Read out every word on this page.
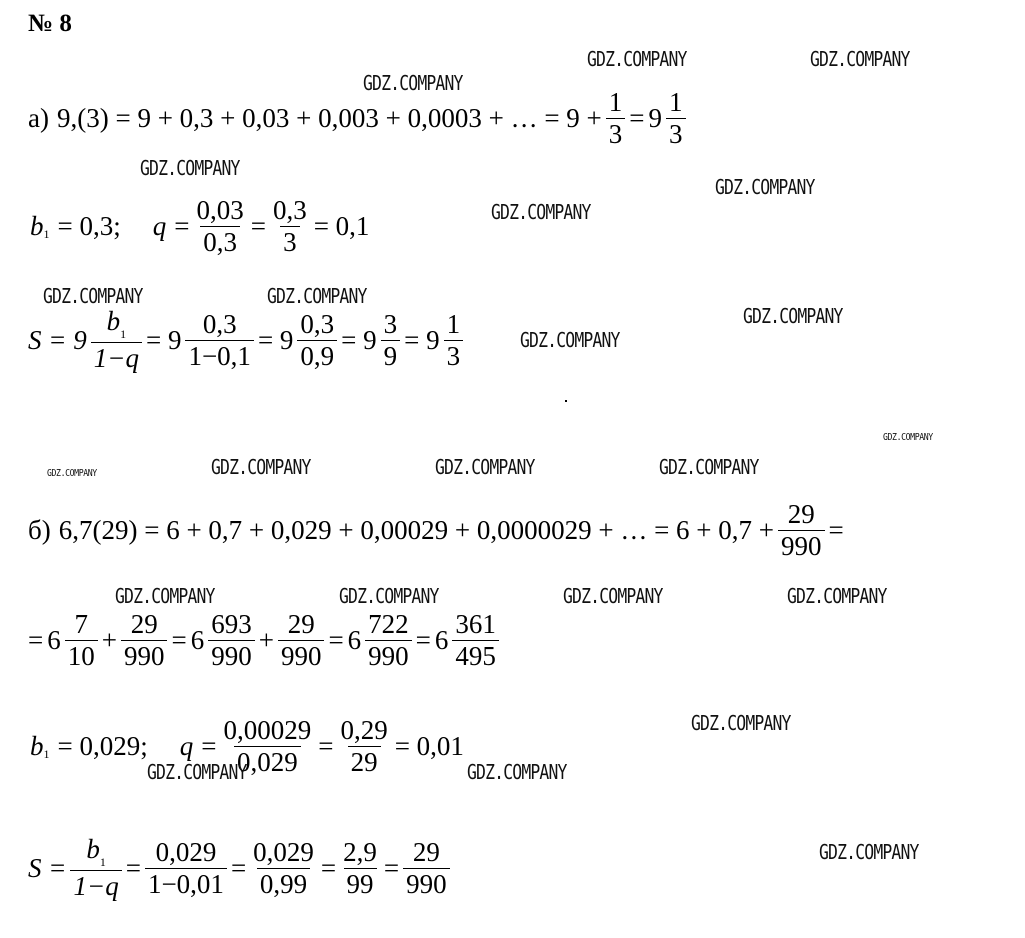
№ 8
а) 9,(3) = 9 + 0,3 + 0,03 + 0,003 + 0,0003 + … = $9 + \frac{1}{3} = 9 \frac{1}{3}$
b 1 = 0,3; $q = \frac{0,03}{0,3} = \frac{0,3}{3} = 0,1$
$S = 9 \frac{b_1}{1-q} = 9 \frac{0,3}{1-0,1} = 9 \frac{0,3}{0,9} = 9 \frac{3}{9} = 9 \frac{1}{3}$
б) 6,7(29) = 6 + 0,7 + 0,029 + 0,00029 + 0,0000029 + … = $6 + 0,7 + \frac{29}{990}$ =
= $6 \frac{7}{10} + \frac{29}{990} = 6 \frac{693}{990} + \frac{29}{990} = 6 \frac{722}{990} = 6 \frac{361}{495}$
b 1 = 0,029; $q = \frac{0,00029}{0,029} = \frac{0,29}{29} = 0,01$
$S = \frac{b_1}{1-q} = \frac{0,029}{1-0,01} = \frac{0,029}{0,99} = \frac{2,9}{99} = \frac{29}{990}$
GDZ.COMPANY	GDZ.COMPANY
GDZ.COMPANY
GDZ.COMPANY
GDZ.COMPANY
GDZ.COMPANY
GDZ.COMPANY	GDZ.COMPANY
GDZ.COMPANY
GDZ.COMPANY
GDZ.COMPANY
GDZ.COMPANY	GDZ.COMPANY	GDZ.COMPANY	GDZ.COMPANY
GDZ.COMPANY	GDZ.COMPANY	GDZ.COMPANY	GDZ.COMPANY
GDZ.COMPANY
GDZ.COMPANY	GDZ.COMPANY
GDZ.COMPANY
